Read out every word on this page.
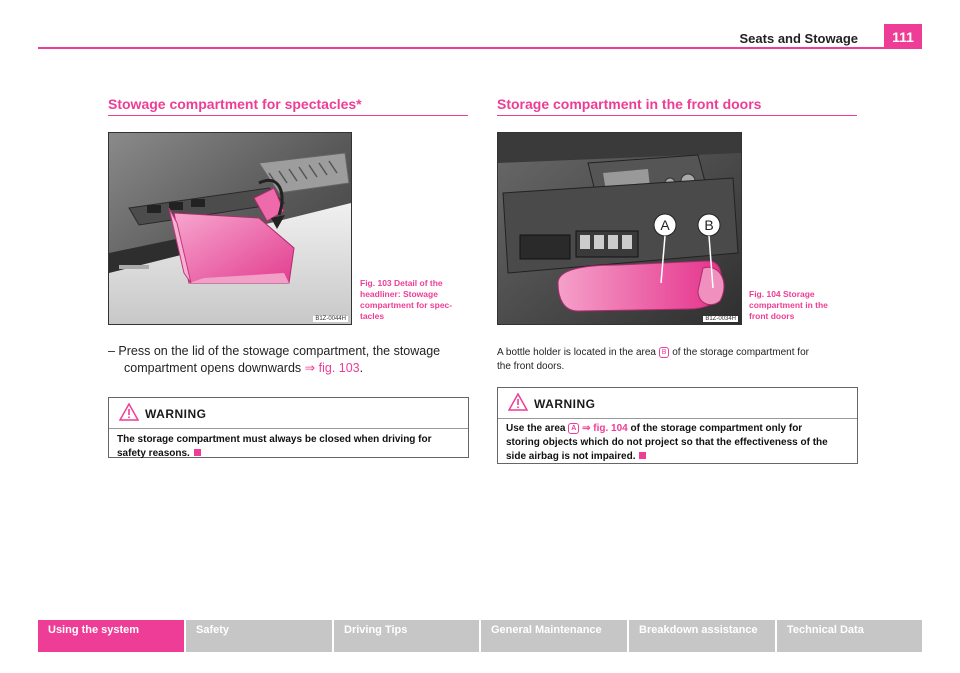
Seats and Stowage	111
Stowage compartment for spectacles*
B1Z-0044H
Fig. 103 Detail of the
headliner: Stowage
compartment for spec-
tacles
– Press on the lid of the stowage compartment, the stowage
compartment opens downwards ⇒ fig. 103.
WARNING
The storage compartment must always be closed when driving for
safety reasons.
Storage compartment in the front doors
A B
B1Z-0034H
Fig. 104 Storage
compartment in the
front doors
A bottle holder is located in the area B of the storage compartment for
the front doors.
WARNING
Use the area A ⇒ fig. 104 of the storage compartment only for
storing objects which do not project so that the effectiveness of the
side airbag is not impaired.
Using the system	Safety	Driving Tips	General Maintenance	Breakdown assistance	Technical Data
